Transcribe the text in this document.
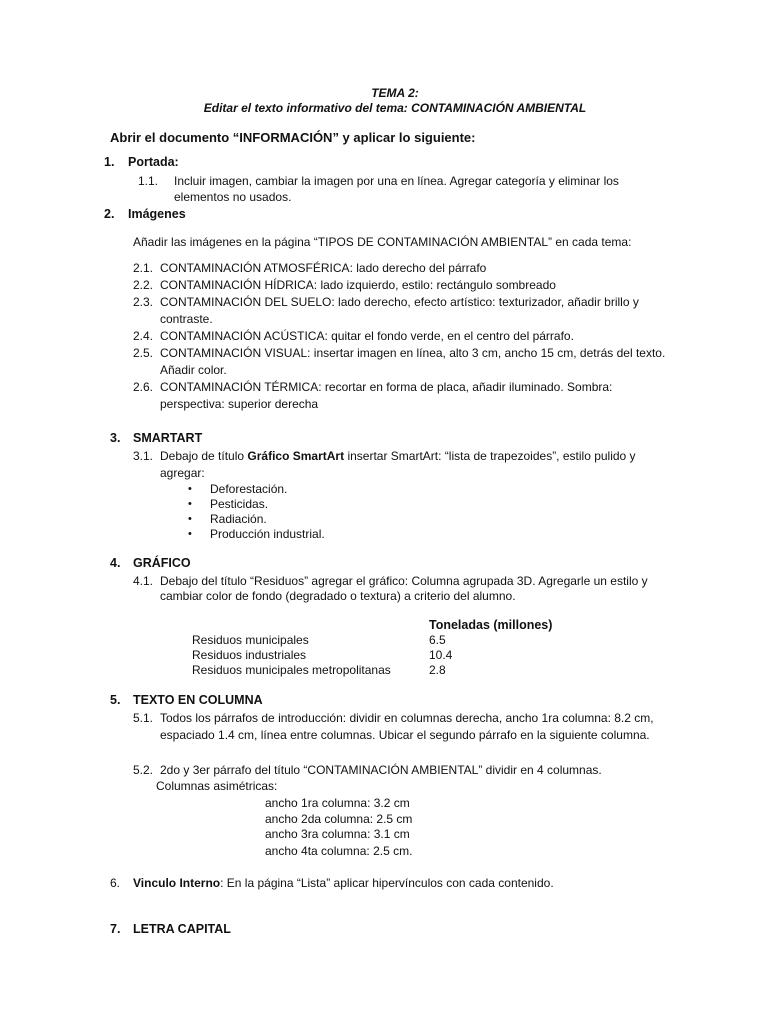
TEMA 2:
Editar el texto informativo del tema: CONTAMINACIÓN AMBIENTAL
Abrir el documento “INFORMACIÓN” y aplicar lo siguiente:
1. Portada:
1.1. Incluir imagen, cambiar la imagen por una en línea. Agregar categoría y eliminar los
elementos no usados.
2. Imágenes
Añadir las imágenes en la página “TIPOS DE CONTAMINACIÓN AMBIENTAL” en cada tema:
2.1. CONTAMINACIÓN ATMOSFÉRICA: lado derecho del párrafo
2.2. CONTAMINACIÓN HÍDRICA: lado izquierdo, estilo: rectángulo sombreado
2.3. CONTAMINACIÓN DEL SUELO: lado derecho, efecto artístico: texturizador, añadir brillo y
contraste.
2.4. CONTAMINACIÓN ACÚSTICA: quitar el fondo verde, en el centro del párrafo.
2.5. CONTAMINACIÓN VISUAL: insertar imagen en línea, alto 3 cm, ancho 15 cm, detrás del texto.
Añadir color.
2.6. CONTAMINACIÓN TÉRMICA: recortar en forma de placa, añadir iluminado. Sombra:
perspectiva: superior derecha
3. SMARTART
3.1. Debajo de título Gráfico SmartArt insertar SmartArt: “lista de trapezoides”, estilo pulido y
agregar:
• Deforestación.
• Pesticidas.
• Radiación.
• Producción industrial.
4. GRÁFICO
4.1. Debajo del título “Residuos” agregar el gráfico: Columna agrupada 3D. Agregarle un estilo y
cambiar color de fondo (degradado o textura) a criterio del alumno.
Toneladas (millones)
Residuos municipales	6.5
Residuos industriales	10.4
Residuos municipales metropolitanas	2.8
5. TEXTO EN COLUMNA
5.1. Todos los párrafos de introducción: dividir en columnas derecha, ancho 1ra columna: 8.2 cm,
espaciado 1.4 cm, línea entre columnas. Ubicar el segundo párrafo en la siguiente columna.
5.2. 2do y 3er párrafo del título “CONTAMINACIÓN AMBIENTAL” dividir en 4 columnas.
Columnas asimétricas:
ancho 1ra columna: 3.2 cm
ancho 2da columna: 2.5 cm
ancho 3ra columna: 3.1 cm
ancho 4ta columna: 2.5 cm.
6. Vinculo Interno: En la página “Lista” aplicar hipervínculos con cada contenido.
7. LETRA CAPITAL
